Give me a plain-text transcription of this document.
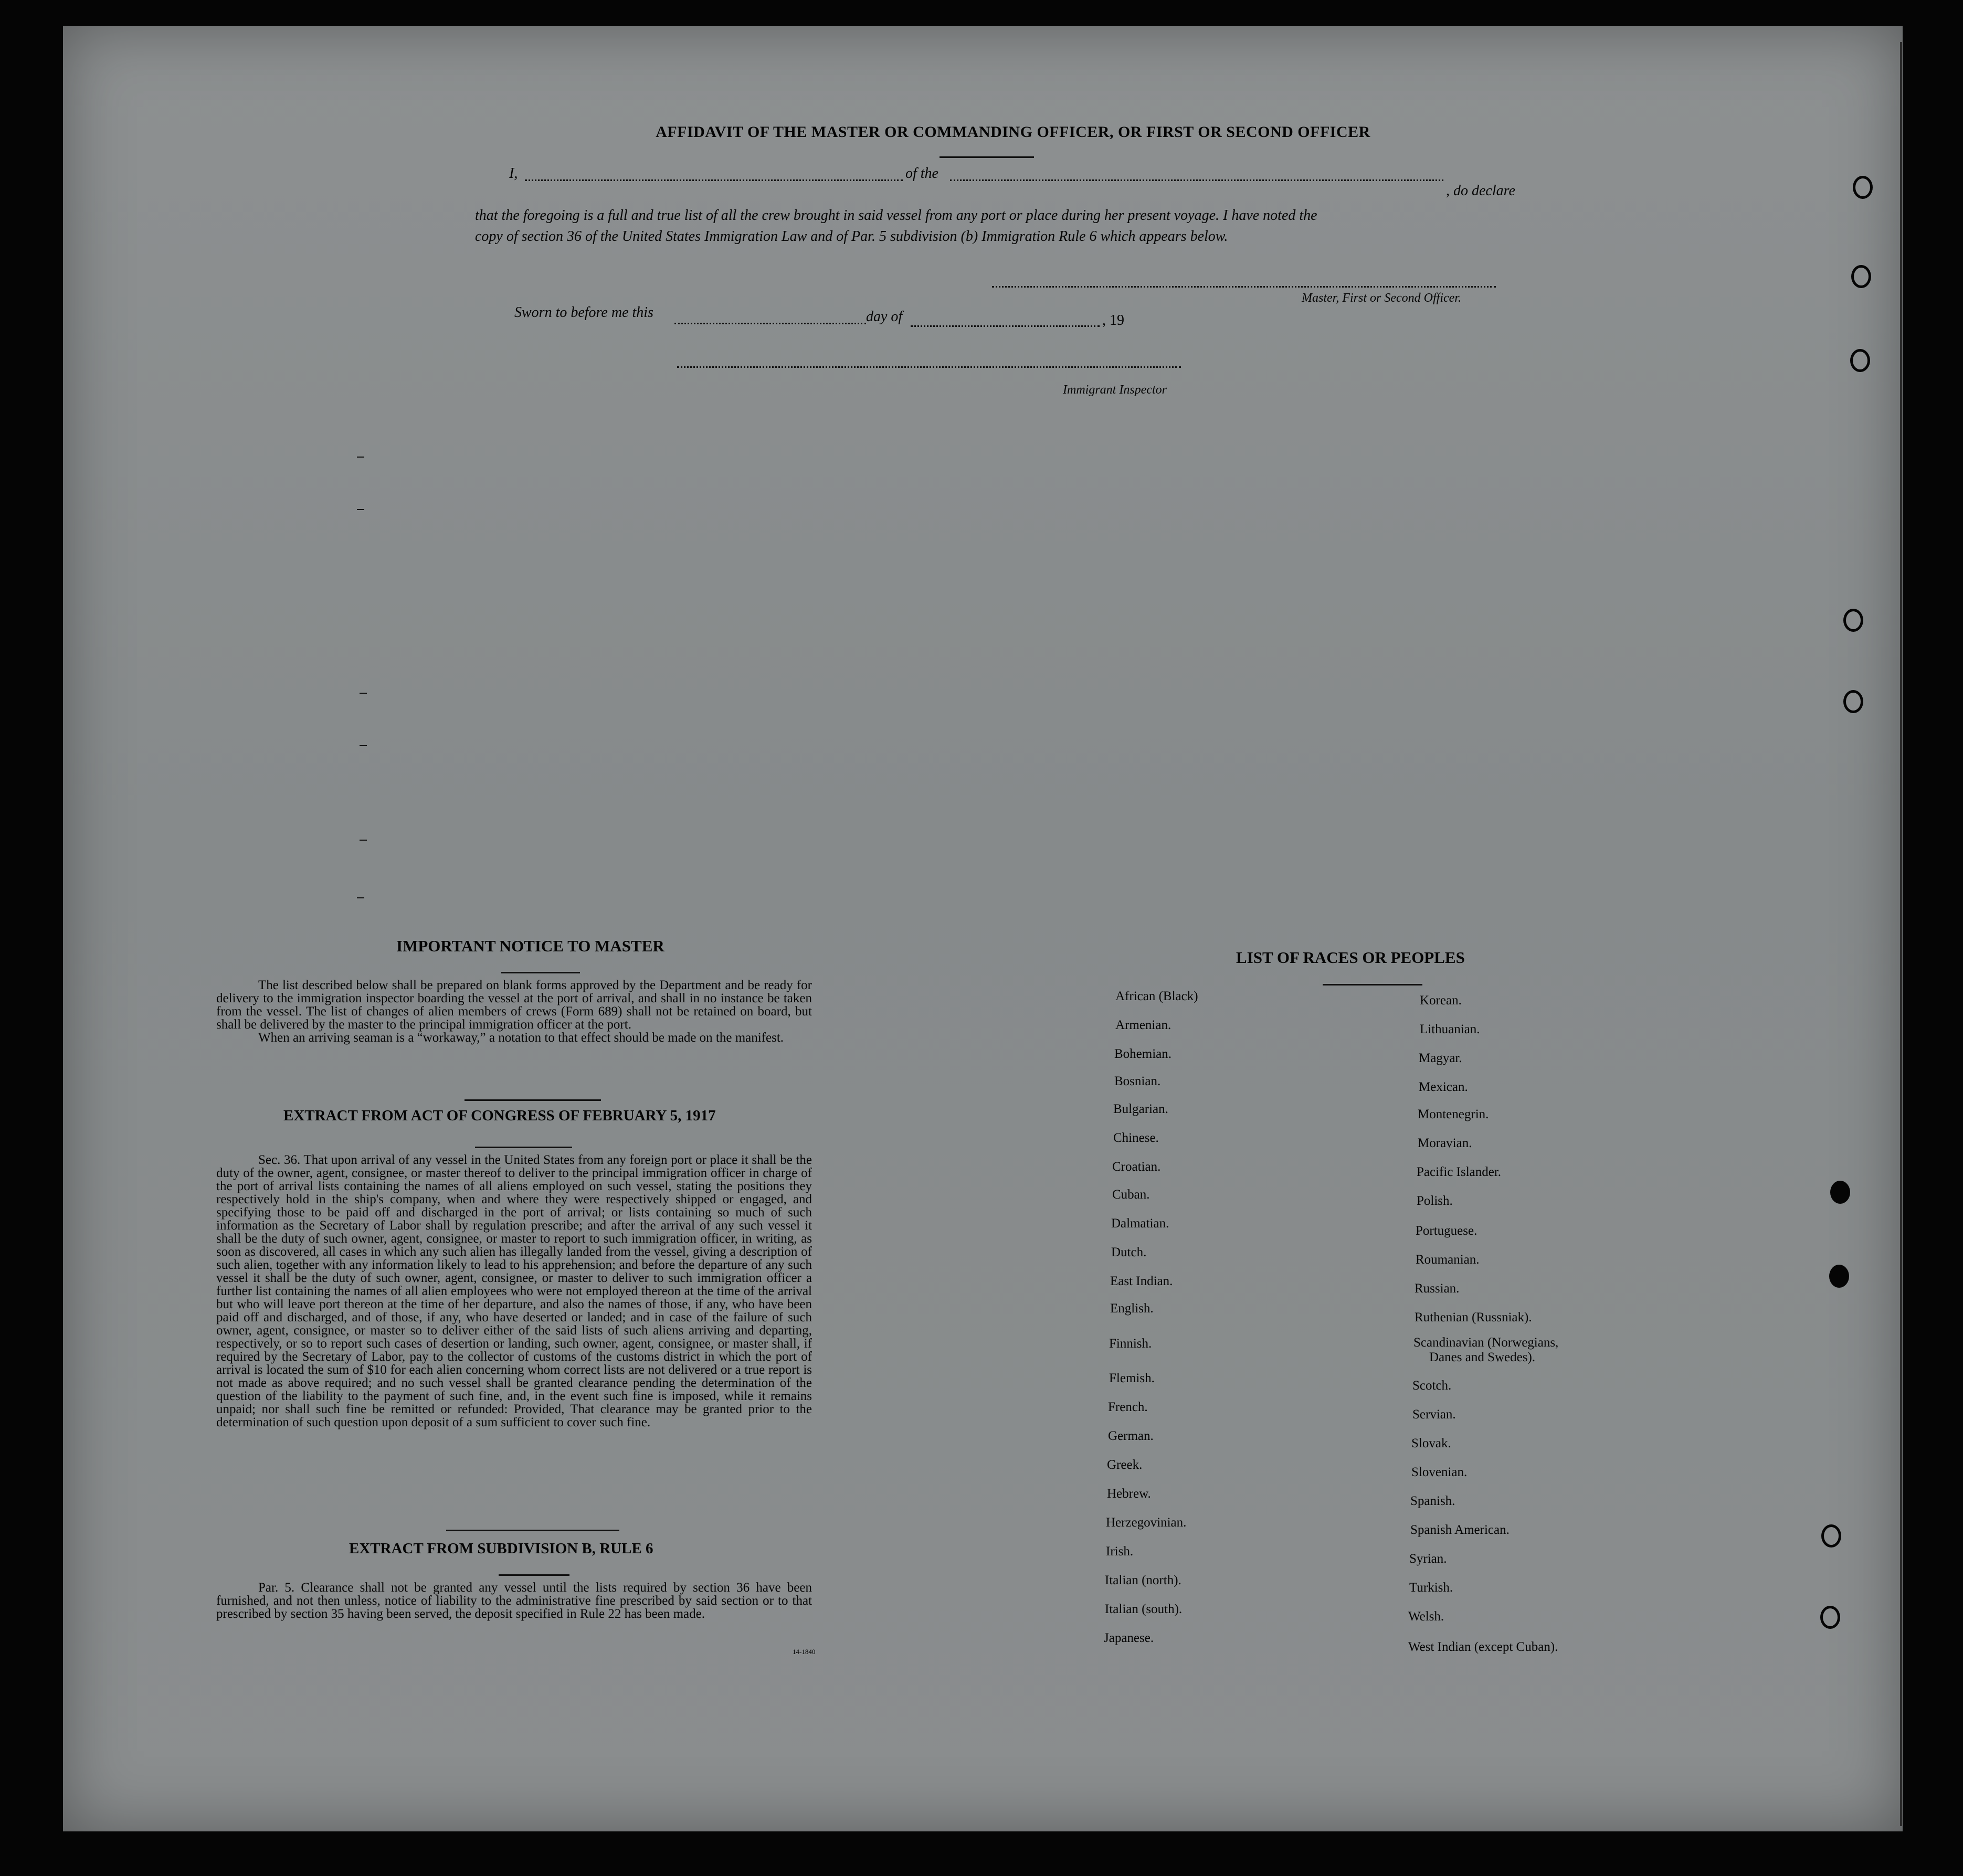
AFFIDAVIT OF THE MASTER OR COMMANDING OFFICER, OR FIRST OR SECOND OFFICER
I,	of the
, do declare
that the foregoing is a full and true list of all the crew brought in said vessel from any port or place during her present voyage. I have noted the
copy of section 36 of the United States Immigration Law and of Par. 5 subdivision (b) Immigration Rule 6 which appears below.
Master, First or Second Officer.
Sworn to before me this	day of	, 19
Immigrant Inspector
IMPORTANT NOTICE TO MASTER

The list described below shall be prepared on blank forms approved by the Department and be ready for delivery to the immigration inspector boarding the vessel at the port of arrival, and shall in no instance be taken from the vessel. The list of changes of alien members of crews (Form 689) shall not be retained on board, but shall be delivered by the master to the principal immigration officer at the port.

When an arriving seaman is a “workaway,” a notation to that effect should be made on the manifest.

EXTRACT FROM ACT OF CONGRESS OF FEBRUARY 5, 1917

Sec. 36. That upon arrival of any vessel in the United States from any foreign port or place it shall be the duty of the owner, agent, consignee, or master thereof to deliver to the principal immigration officer in charge of the port of arrival lists containing the names of all aliens employed on such vessel, stating the positions they respectively hold in the ship's company, when and where they were respectively shipped or engaged, and specifying those to be paid off and discharged in the port of arrival; or lists containing so much of such information as the Secretary of Labor shall by regulation prescribe; and after the arrival of any such vessel it shall be the duty of such owner, agent, consignee, or master to report to such immigration officer, in writing, as soon as discovered, all cases in which any such alien has illegally landed from the vessel, giving a description of such alien, together with any information likely to lead to his apprehension; and before the departure of any such vessel it shall be the duty of such owner, agent, consignee, or master to deliver to such immigration officer a further list containing the names of all alien employees who were not employed thereon at the time of the arrival but who will leave port thereon at the time of her departure, and also the names of those, if any, who have been paid off and discharged, and of those, if any, who have deserted or landed; and in case of the failure of such owner, agent, consignee, or master so to deliver either of the said lists of such aliens arriving and departing, respectively, or so to report such cases of desertion or landing, such owner, agent, consignee, or master shall, if required by the Secretary of Labor, pay to the collector of customs of the customs district in which the port of arrival is located the sum of $10 for each alien concerning whom correct lists are not delivered or a true report is not made as above required; and no such vessel shall be granted clearance pending the determination of the question of the liability to the payment of such fine, and, in the event such fine is imposed, while it remains unpaid; nor shall such fine be remitted or refunded: Provided, That clearance may be granted prior to the determination of such question upon deposit of a sum sufficient to cover such fine.

EXTRACT FROM SUBDIVISION B, RULE 6

Par. 5. Clearance shall not be granted any vessel until the lists required by section 36 have been furnished, and not then unless, notice of liability to the administrative fine prescribed by said section or to that prescribed by section 35 having been served, the deposit specified in Rule 22 has been made.

14-1840
LIST OF RACES OR PEOPLES
African (Black)
Armenian.
Bohemian.
Bosnian.
Bulgarian.
Chinese.
Croatian.
Cuban.
Dalmatian.
Dutch.
East Indian.
English.
Finnish.
Flemish.
French.
German.
Greek.
Hebrew.
Herzegovinian.
Irish.
Italian (north).
Italian (south).
Japanese.
Korean.
Lithuanian.
Magyar.
Mexican.
Montenegrin.
Moravian.
Pacific Islander.
Polish.
Portuguese.
Roumanian.
Russian.
Ruthenian (Russniak).
Scandinavian (Norwegians,
Danes and Swedes).
Scotch.
Servian.
Slovak.
Slovenian.
Spanish.
Spanish American.
Syrian.
Turkish.
Welsh.
West Indian (except Cuban).
